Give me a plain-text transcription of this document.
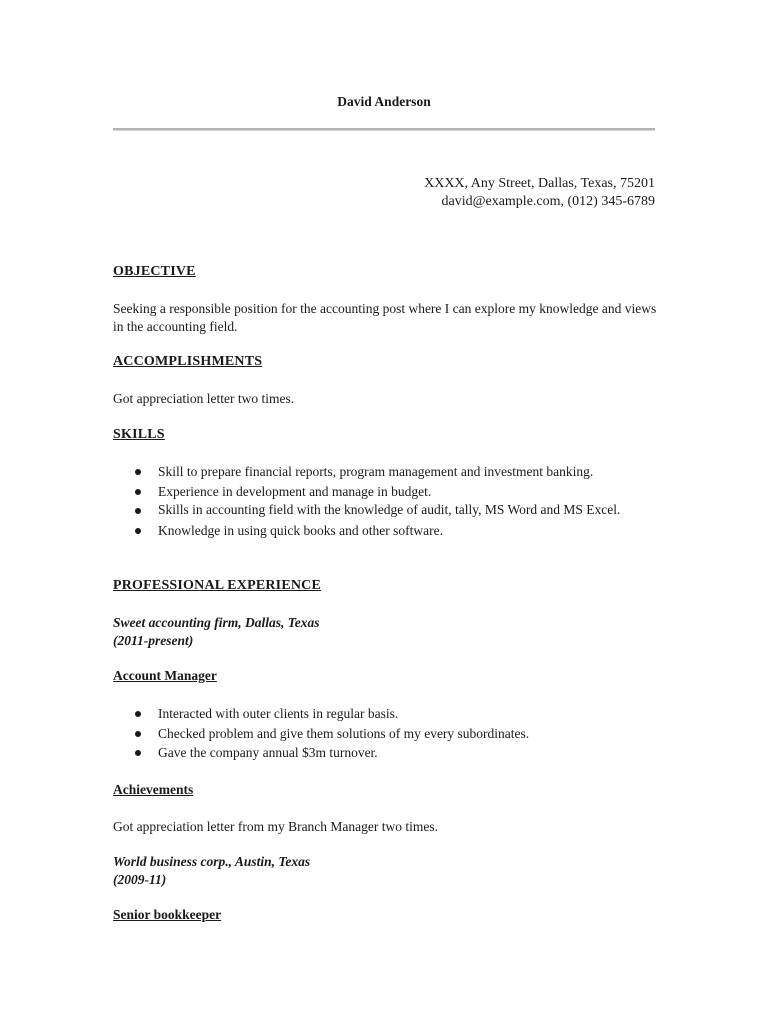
David Anderson

XXXX, Any Street, Dallas, Texas, 75201
david@example.com, (012) 345-6789

OBJECTIVE

Seeking a responsible position for the accounting post where I can explore my knowledge and views in the accounting field.

ACCOMPLISHMENTS

Got appreciation letter two times.

SKILLS

Skill to prepare financial reports, program management and investment banking.
Experience in development and manage in budget.
Skills in accounting field with the knowledge of audit, tally, MS Word and MS Excel.
Knowledge in using quick books and other software.

PROFESSIONAL EXPERIENCE

Sweet accounting firm, Dallas, Texas
(2011-present)

Account Manager

Interacted with outer clients in regular basis.
Checked problem and give them solutions of my every subordinates.
Gave the company annual $3m turnover.

Achievements

Got appreciation letter from my Branch Manager two times.

World business corp., Austin, Texas
(2009-11)

Senior bookkeeper
